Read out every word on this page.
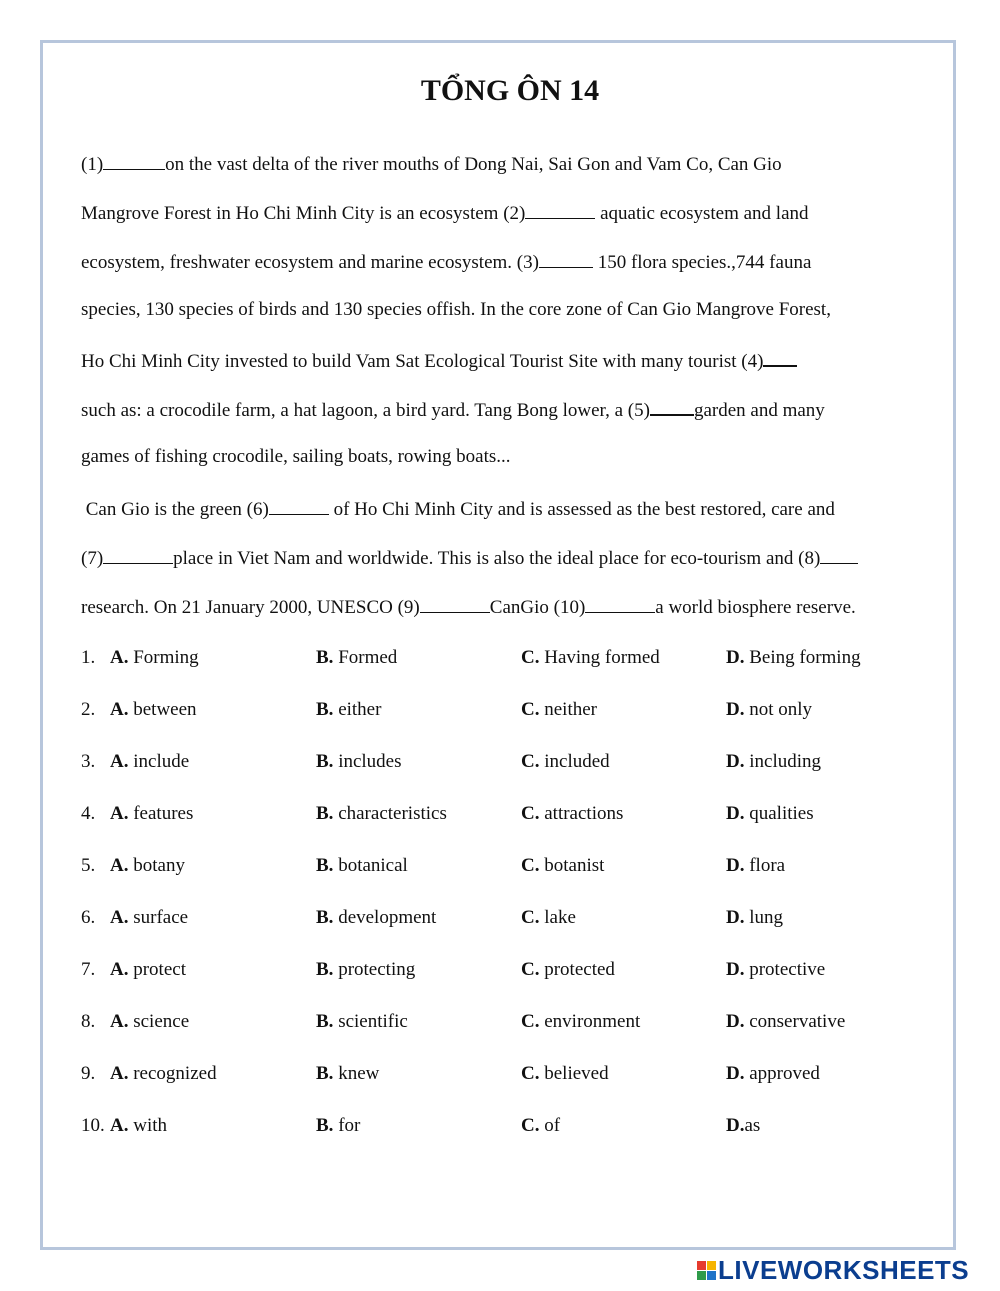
TỔNG ÔN 14
(1)	on the vast delta of the river mouths of Dong Nai, Sai Gon and Vam Co, Can Gio
Mangrove Forest in Ho Chi Minh City is an ecosystem (2)	aquatic ecosystem and land
ecosystem, freshwater ecosystem and marine ecosystem. (3)	150 flora species.,744 fauna
species, 130 species of birds and 130 species offish. In the core zone of Can Gio Mangrove Forest,
Ho Chi Minh City invested to build Vam Sat Ecological Tourist Site with many tourist (4)
such as: a crocodile farm, a hat lagoon, a bird yard. Tang Bong lower, a (5) garden and many
games of fishing crocodile, sailing boats, rowing boats...
Can Gio is the green (6)	of Ho Chi Minh City and is assessed as the best restored, care and
(7)	place in Viet Nam and worldwide. This is also the ideal place for eco-tourism and (8)
research. On 21 January 2000, UNESCO (9)	CanGio (10)	a world biosphere reserve.
1. A. Forming	B. Formed	C. Having formed	D. Being forming
2. A. between	B. either	C. neither	D. not only
3. A. include	B. includes	C. included	D. including
4. A. features	B. characteristics	C. attractions	D. qualities
5. A. botany	B. botanical	C. botanist	D. flora
6. A. surface	B. development	C. lake	D. lung
7. A. protect	B. protecting	C. protected	D. protective
8. A. science	B. scientific	C. environment	D. conservative
9. A. recognized	B. knew	C. believed	D. approved
10. A. with	B. for	C. of	D.as
LIVEWORKSHEETS
